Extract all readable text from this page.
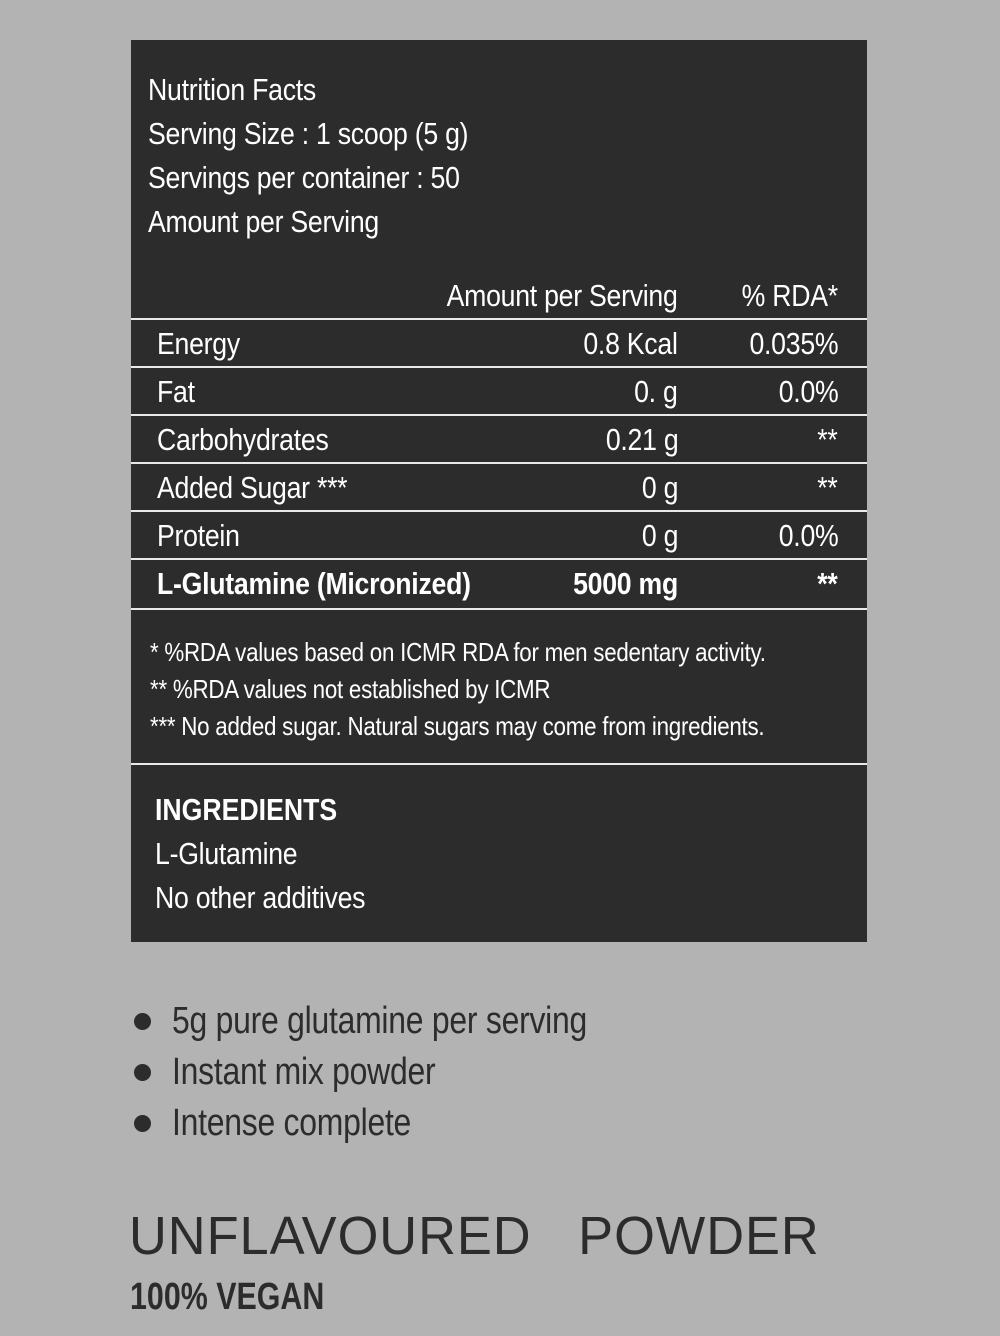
Nutrition Facts
Serving Size : 1 scoop (5 g)
Servings per container : 50
Amount per Serving
Amount per Serving % RDA*
Energy	0.8 Kcal 0.035%
Fat	0. g	0.0%
Carbohydrates	0.21 g	**
Added Sugar ***	0 g	**
Protein	0 g	0.0%
L-Glutamine (Micronized)	5000 mg	**
* %RDA values based on ICMR RDA for men sedentary activity.
** %RDA values not established by ICMR
*** No added sugar. Natural sugars may come from ingredients.
INGREDIENTS
L-Glutamine
No other additives
5g pure glutamine per serving
Instant mix powder
Intense complete
UNFLAVOURED   POWDER
100% VEGAN
